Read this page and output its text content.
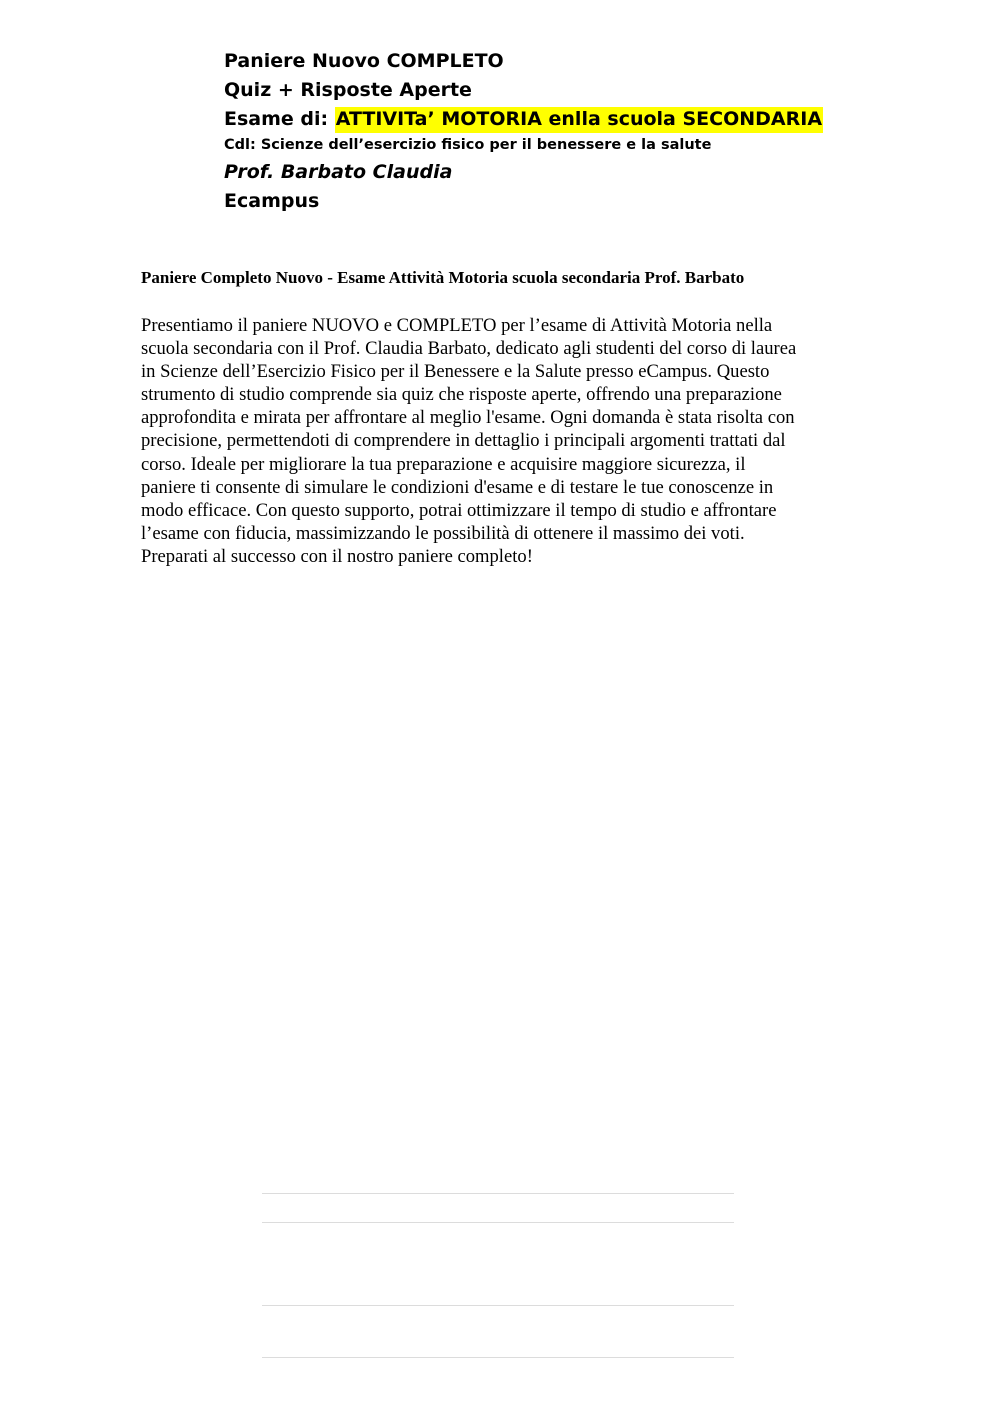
Paniere Nuovo COMPLETO
Quiz + Risposte Aperte
Esame di: ATTIVITa’ MOTORIA enlla scuola SECONDARIA
Cdl: Scienze dell’esercizio fisico per il benessere e la salute
Prof. Barbato Claudia
Ecampus
Paniere Completo Nuovo - Esame Attività Motoria scuola secondaria Prof. Barbato
Presentiamo il paniere NUOVO e COMPLETO per l’esame di Attività Motoria nella
scuola secondaria con il Prof. Claudia Barbato, dedicato agli studenti del corso di laurea
in Scienze dell’Esercizio Fisico per il Benessere e la Salute presso eCampus. Questo
strumento di studio comprende sia quiz che risposte aperte, offrendo una preparazione
approfondita e mirata per affrontare al meglio l'esame. Ogni domanda è stata risolta con
precisione, permettendoti di comprendere in dettaglio i principali argomenti trattati dal
corso. Ideale per migliorare la tua preparazione e acquisire maggiore sicurezza, il
paniere ti consente di simulare le condizioni d'esame e di testare le tue conoscenze in
modo efficace. Con questo supporto, potrai ottimizzare il tempo di studio e affrontare
l’esame con fiducia, massimizzando le possibilità di ottenere il massimo dei voti.
Preparati al successo con il nostro paniere completo!
